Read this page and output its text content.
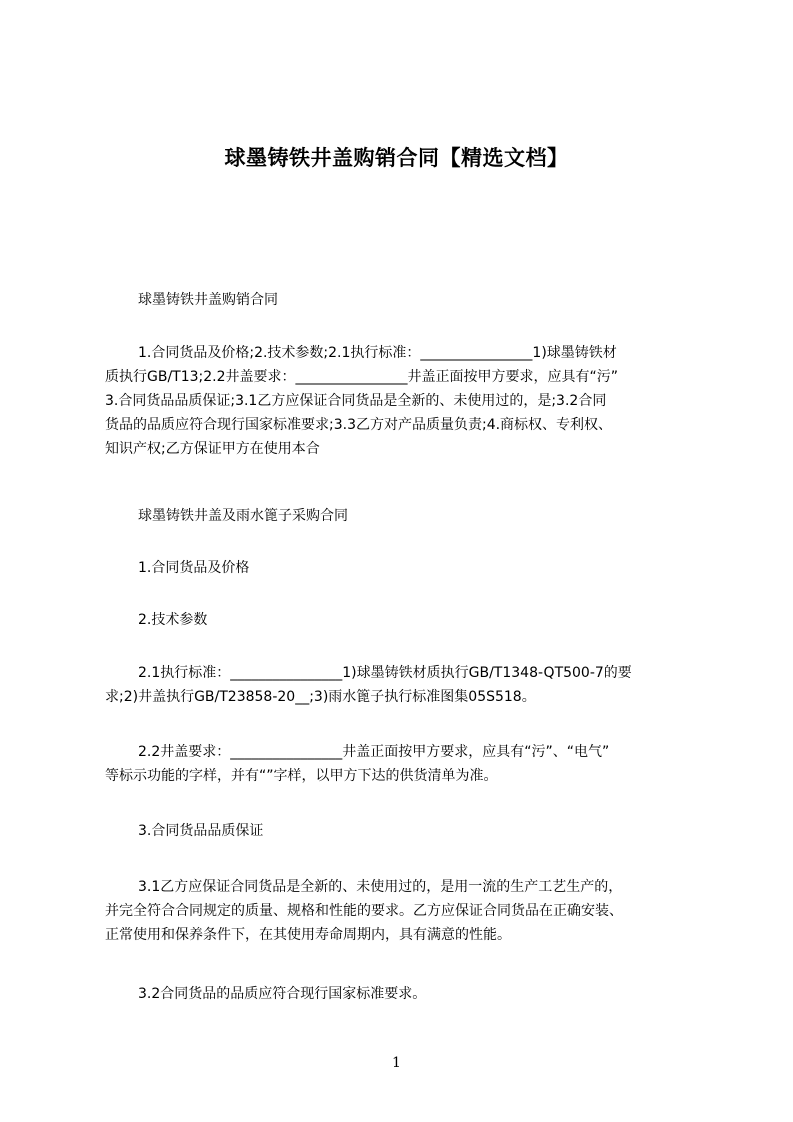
球墨铸铁井盖购销合同【精选文档】
球墨铸铁井盖购销合同
1.合同货品及价格;2.技术参数;2.1执行标准：________________1)球墨铸铁材
质执行GB/T13;2.2井盖要求：________________井盖正面按甲方要求，应具有“污”
3.合同货品品质保证;3.1乙方应保证合同货品是全新的、未使用过的，是;3.2合同
货品的品质应符合现行国家标准要求;3.3乙方对产品质量负责;4.商标权、专利权、
知识产权;乙方保证甲方在使用本合
球墨铸铁井盖及雨水篦子采购合同
1.合同货品及价格
2.技术参数
2.1执行标准：________________1)球墨铸铁材质执行GB/T1348-QT500-7的要
求;2)井盖执行GB/T23858-20__;3)雨水篦子执行标准图集05S518。
2.2井盖要求：________________井盖正面按甲方要求，应具有“污”、“电气”
等标示功能的字样，并有“”字样，以甲方下达的供货清单为准。
3.合同货品品质保证
3.1乙方应保证合同货品是全新的、未使用过的，是用一流的生产工艺生产的，
并完全符合合同规定的质量、规格和性能的要求。乙方应保证合同货品在正确安装、
正常使用和保养条件下，在其使用寿命周期内，具有满意的性能。
3.2合同货品的品质应符合现行国家标准要求。
1
